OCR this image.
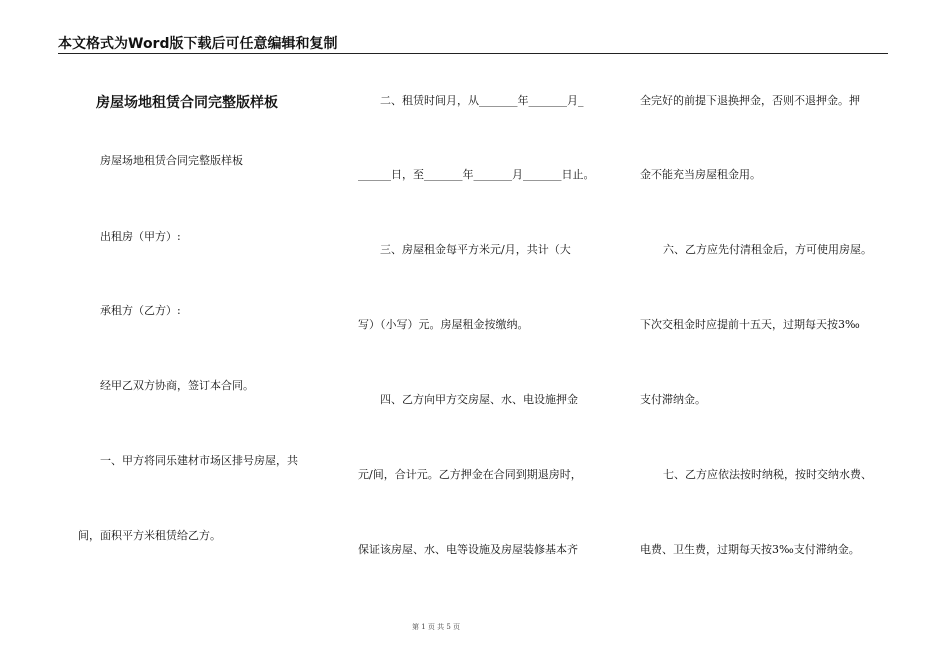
本文格式为Word版下载后可任意编辑和复制
房屋场地租赁合同完整版样板
房屋场地租赁合同完整版样板
出租房（甲方）:
承租方（乙方）:
经甲乙双方协商，签订本合同。
一、甲方将同乐建材市场区排号房屋，共
间，面积平方米租赁给乙方。
二、租赁时间月，从_______年_______月_
______日，至_______年_______月_______日止。
三、房屋租金每平方米元/月，共计（大
写）（小写）元。房屋租金按缴纳。
四、乙方向甲方交房屋、水、电设施押金
元/间，合计元。乙方押金在合同到期退房时，
保证该房屋、水、电等设施及房屋装修基本齐
全完好的前提下退换押金，否则不退押金。押
金不能充当房屋租金用。
六、乙方应先付清租金后，方可使用房屋。
下次交租金时应提前十五天，过期每天按3‰
支付滞纳金。
七、乙方应依法按时纳税，按时交纳水费、
电费、卫生费，过期每天按3‰支付滞纳金。
第 1 页 共 5 页
